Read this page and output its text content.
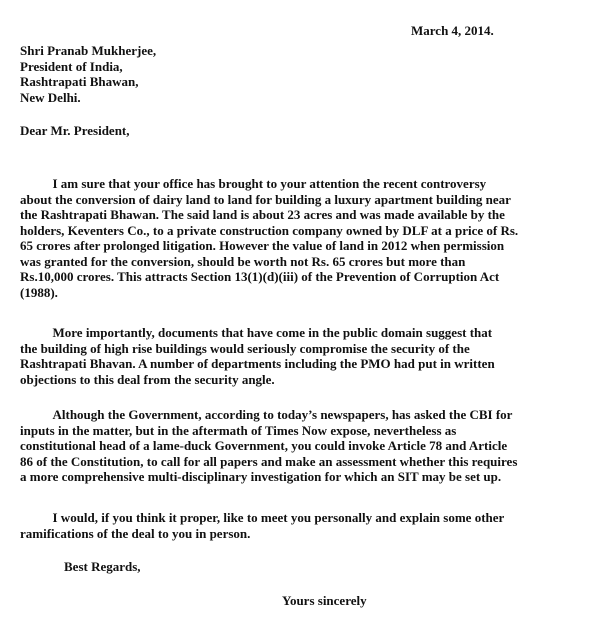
March 4, 2014.
Shri Pranab Mukherjee,
President of India,
Rashtrapati Bhawan,
New Delhi.
Dear Mr. President,
I am sure that your office has brought to your attention the recent controversy
about the conversion of dairy land to land for building a luxury apartment building near
the Rashtrapati Bhawan. The said land is about 23 acres and was made available by the
holders, Keventers Co., to a private construction company owned by DLF at a price of Rs.
65 crores after prolonged litigation. However the value of land in 2012 when permission
was granted for the conversion, should be worth not Rs. 65 crores but more than
Rs.10,000 crores. This attracts Section 13(1)(d)(iii) of the Prevention of Corruption Act
(1988).
More importantly, documents that have come in the public domain suggest that
the building of high rise buildings would seriously compromise the security of the
Rashtrapati Bhavan. A number of departments including the PMO had put in written
objections to this deal from the security angle.
Although the Government, according to today’s newspapers, has asked the CBI for
inputs in the matter, but in the aftermath of Times Now expose, nevertheless as
constitutional head of a lame-duck Government, you could invoke Article 78 and Article
86 of the Constitution, to call for all papers and make an assessment whether this requires
a more comprehensive multi-disciplinary investigation for which an SIT may be set up.
I would, if you think it proper, like to meet you personally and explain some other
ramifications of the deal to you in person.
Best Regards,
Yours sincerely
